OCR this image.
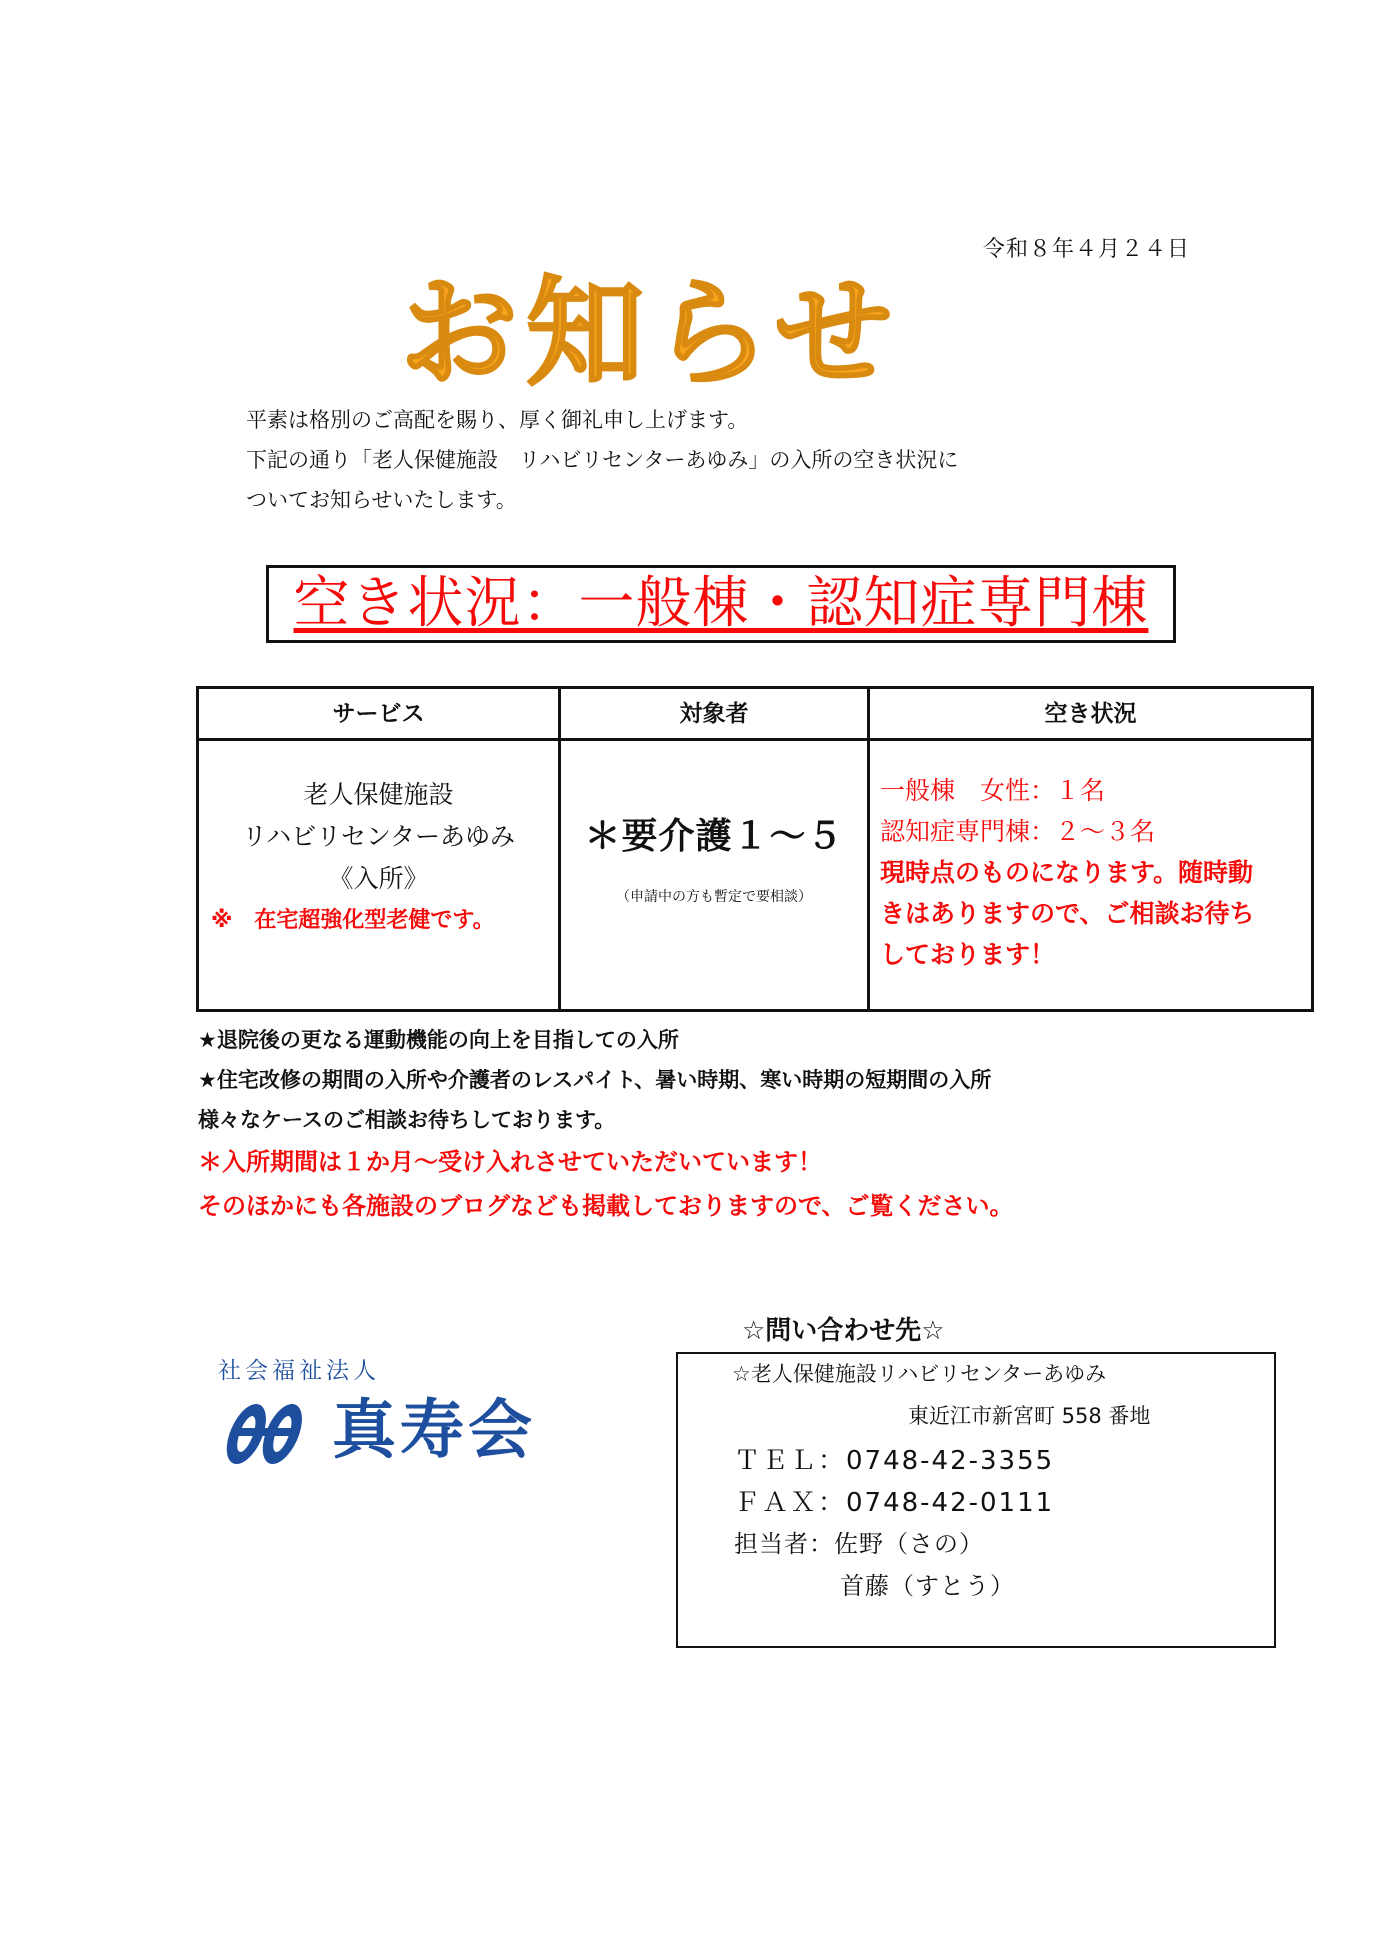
令和８年４月２４日
お知らせ
平素は格別のご高配を賜り、厚く御礼申し上げます。
下記の通り「老人保健施設　リハビリセンターあゆみ」の入所の空き状況に
ついてお知らせいたします。
空き状況：一般棟・認知症専門棟
サービス	対象者	空き状況
老人保健施設
リハビリセンターあゆみ
《入所》
※　在宅超強化型老健です。
＊要介護１～５
（申請中の方も暫定で要相談）
一般棟　女性：１名
認知症専門棟：２～３名
現時点のものになります。随時動
きはありますので、ご相談お待ち
しております！
★退院後の更なる運動機能の向上を目指しての入所
★住宅改修の期間の入所や介護者のレスパイト、暑い時期、寒い時期の短期間の入所
様々なケースのご相談お待ちしております。
＊入所期間は１か月～受け入れさせていただいています！
そのほかにも各施設のブログなども掲載しておりますので、ご覧ください。
社会福祉法人
真寿会
☆問い合わせ先☆
☆老人保健施設リハビリセンターあゆみ
東近江市新宮町 558 番地
ＴＥＬ：0748-42-3355
ＦＡＸ：0748-42-0111
担当者：佐野（さの）
首藤（すとう）
